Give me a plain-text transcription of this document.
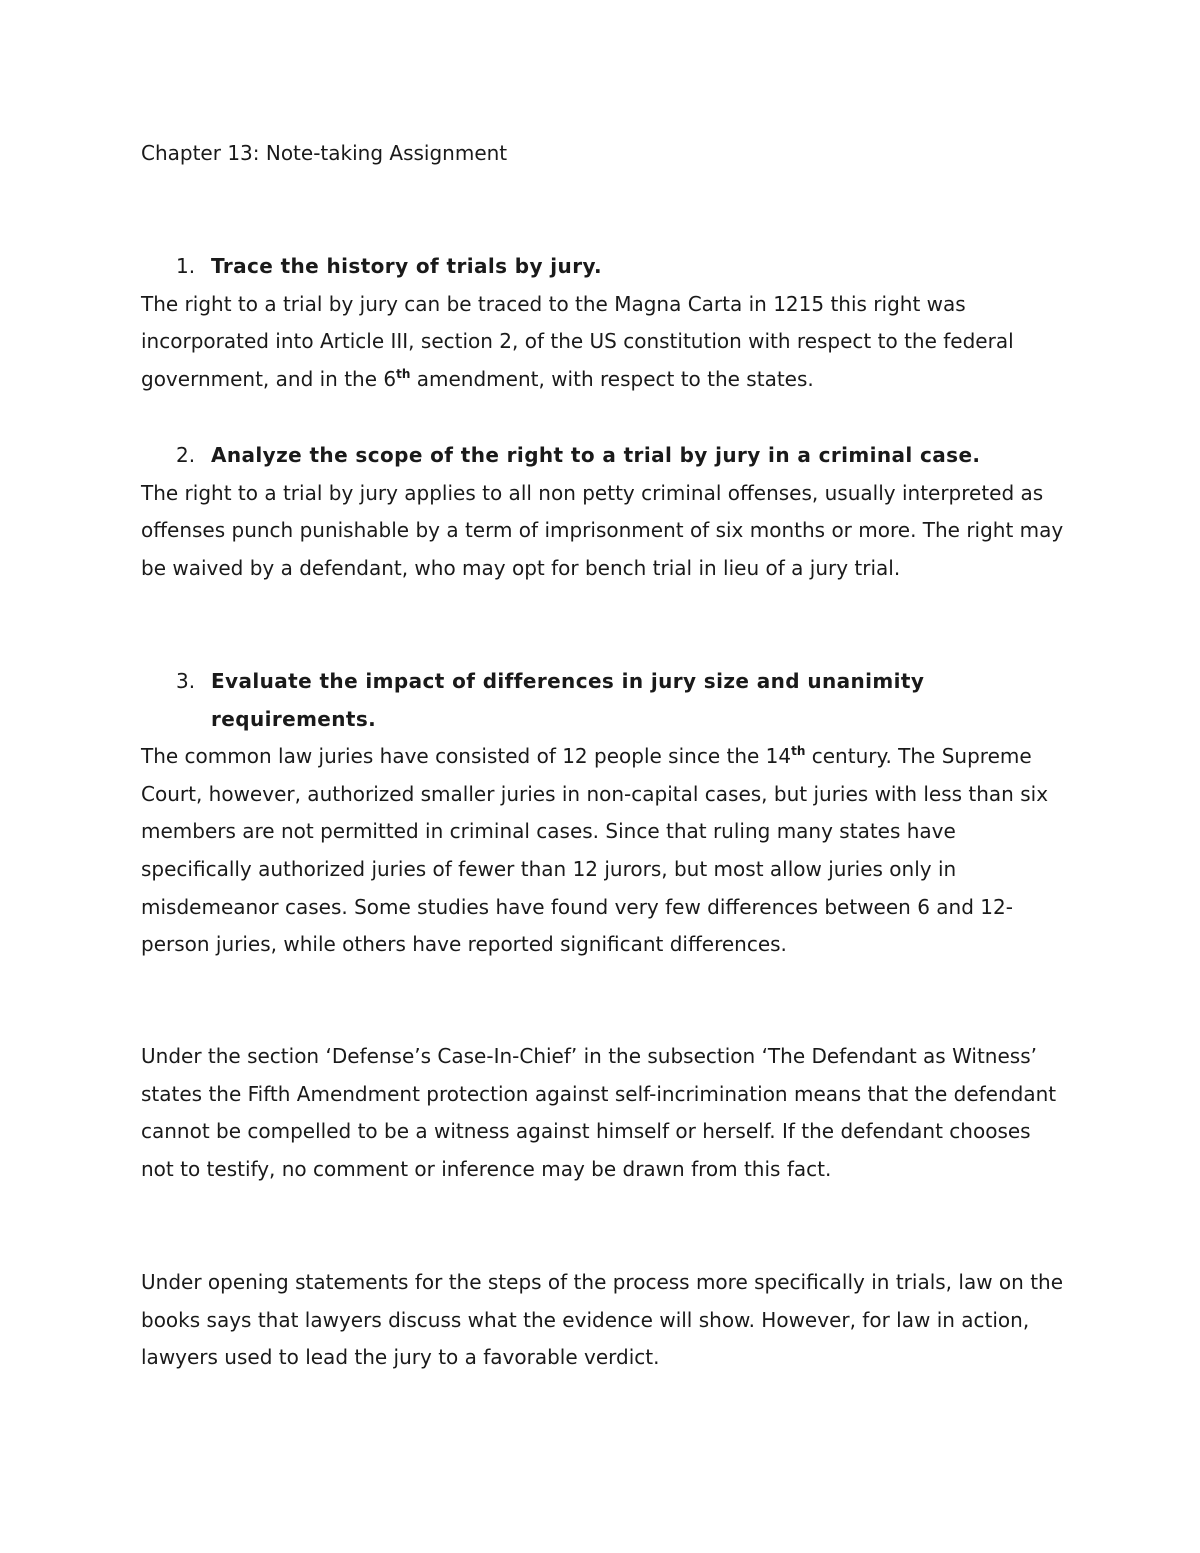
Chapter 13: Note-taking Assignment
1. Trace the history of trials by jury.

The right to a trial by jury can be traced to the Magna Carta in 1215 this right was incorporated into Article III, section 2, of the US constitution with respect to the federal government, and in the 6th amendment, with respect to the states.

2. Analyze the scope of the right to a trial by jury in a criminal case.

The right to a trial by jury applies to all non petty criminal offenses, usually interpreted as offenses punch punishable by a term of imprisonment of six months or more. The right may be waived by a defendant, who may opt for bench trial in lieu of a jury trial.

3. Evaluate the impact of differences in jury size and unanimity requirements.

The common law juries have consisted of 12 people since the 14th century. The Supreme Court, however, authorized smaller juries in non-capital cases, but juries with less than six members are not permitted in criminal cases. Since that ruling many states have specifically authorized juries of fewer than 12 jurors, but most allow juries only in misdemeanor cases. Some studies have found very few differences between 6 and 12-person juries, while others have reported significant differences.

Under the section ‘Defense’s Case-In-Chief’ in the subsection ‘The Defendant as Witness’ states the Fifth Amendment protection against self-incrimination means that the defendant cannot be compelled to be a witness against himself or herself. If the defendant chooses not to testify, no comment or inference may be drawn from this fact.

Under opening statements for the steps of the process more specifically in trials, law on the books says that lawyers discuss what the evidence will show. However, for law in action, lawyers used to lead the jury to a favorable verdict.
